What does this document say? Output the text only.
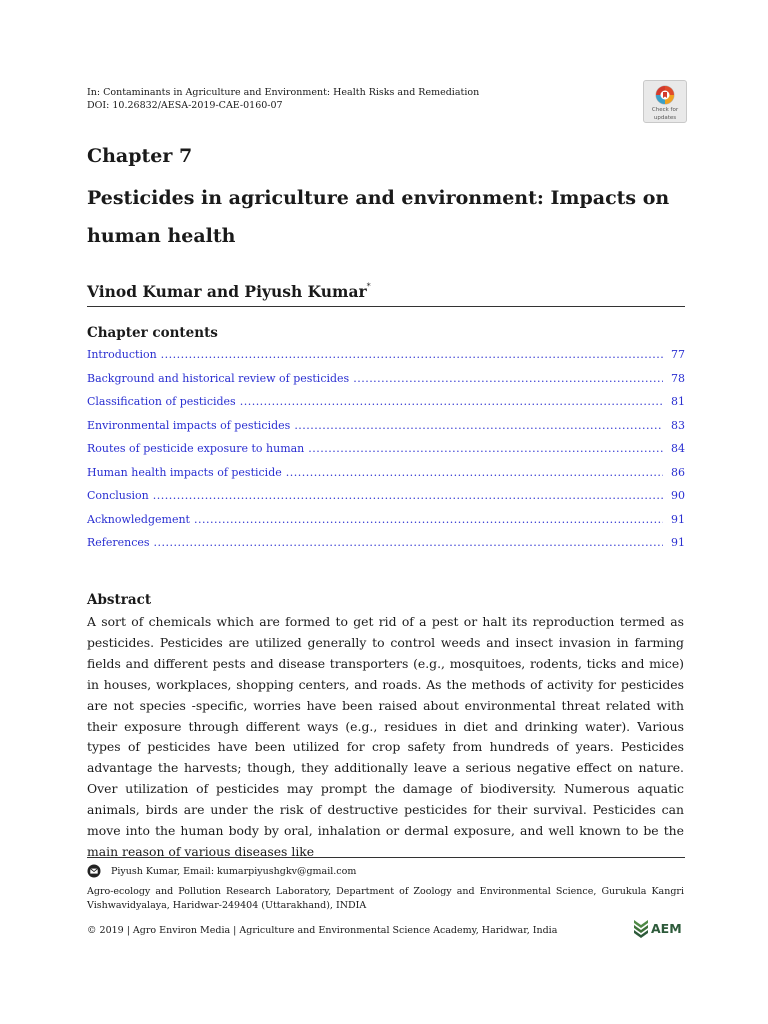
In: Contaminants in Agriculture and Environment: Health Risks and Remediation
DOI: 10.26832/AESA-2019-CAE-0160-07	Check for
updates
Chapter 7
Pesticides in agriculture and environment: Impacts on human health
Vinod Kumar and Piyush Kumar*
Chapter contents
Introduction .....	77
Background and historical review of pesticides .....	78
Classification of pesticides .....	81
Environmental impacts of pesticides .....	83
Routes of pesticide exposure to human .....	84
Human health impacts of pesticide .....	86
Conclusion .....	90
Acknowledgement .....	91
References .....	91
Abstract

A sort of chemicals which are formed to get rid of a pest or halt its reproduction termed as pesticides. Pesticides are utilized generally to control weeds and insect invasion in farming fields and different pests and disease transporters (e.g., mosquitoes, rodents, ticks and mice) in houses, workplaces, shopping centers, and roads. As the methods of activity for pesticides are not species -specific, worries have been raised about environmental threat related with their exposure through different ways (e.g., residues in diet and drinking water). Various types of pesticides have been utilized for crop safety from hundreds of years. Pesticides advantage the harvests; though, they additionally leave a serious negative effect on nature. Over utilization of pesticides may prompt the damage of biodiversity. Numerous aquatic animals, birds are under the risk of destructive pesticides for their survival. Pesticides can move into the human body by oral, inhalation or dermal exposure, and well known to be the main reason of various diseases like

Piyush Kumar, Email: kumarpiyushgkv@gmail.com
Agro-ecology and Pollution Research Laboratory, Department of Zoology and Environmental Science, Gurukula Kangri Vishwavidyalaya, Haridwar-249404 (Uttarakhand), INDIA
© 2019 | Agro Environ Media | Agriculture and Environmental Science Academy, Haridwar, India	AEM
